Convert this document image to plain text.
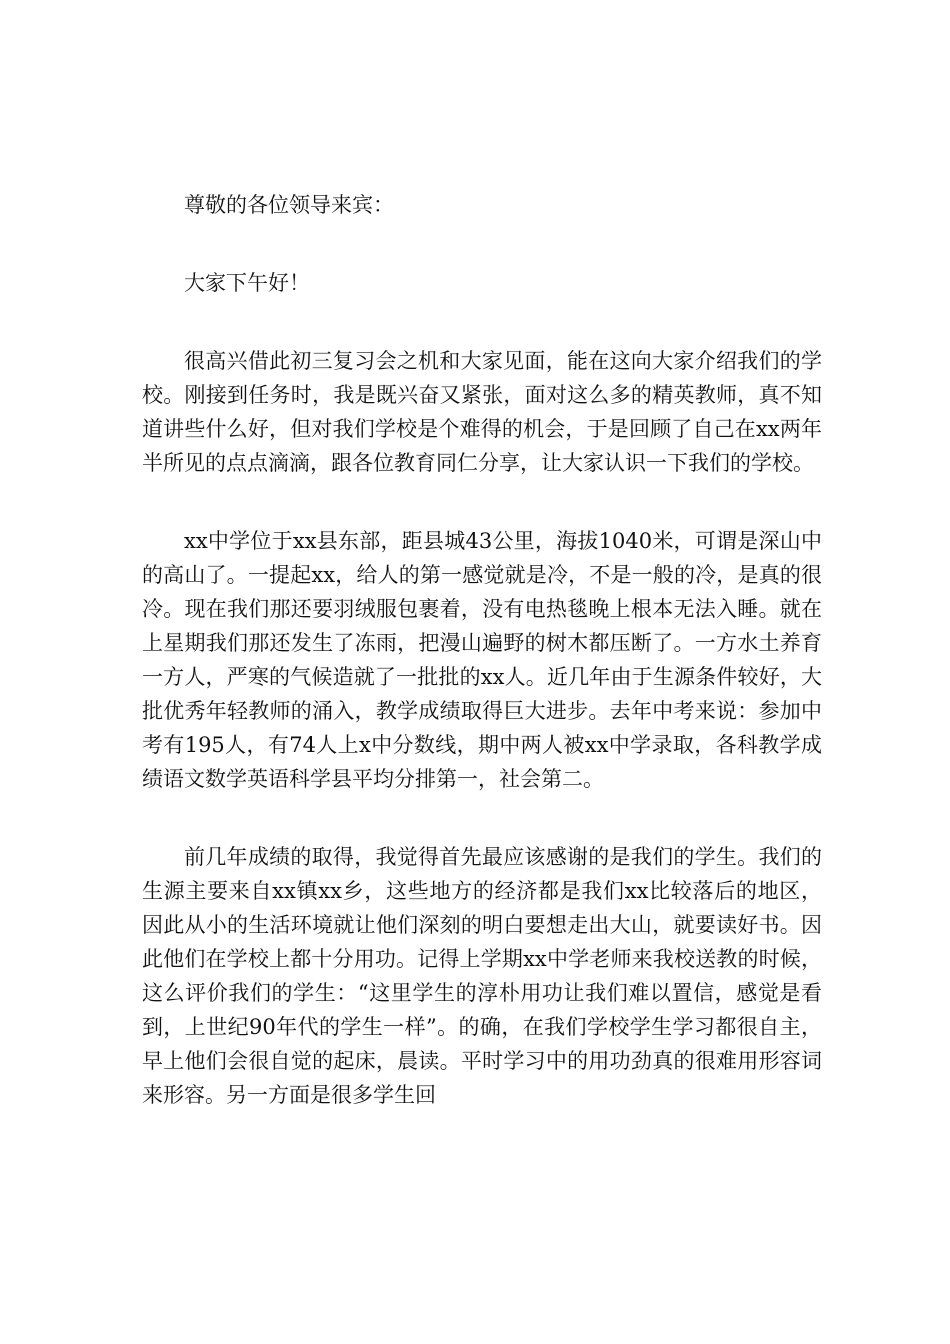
尊敬的各位领导来宾：

大家下午好！

很高兴借此初三复习会之机和大家见面，能在这向大家介绍我们的学校。刚接到任务时，我是既兴奋又紧张，面对这么多的精英教师，真不知道讲些什么好，但对我们学校是个难得的机会，于是回顾了自己在xx两年半所见的点点滴滴，跟各位教育同仁分享，让大家认识一下我们的学校。

xx中学位于xx县东部，距县城43公里，海拔1040米，可谓是深山中的高山了。一提起xx，给人的第一感觉就是冷，不是一般的冷，是真的很冷。现在我们那还要羽绒服包裹着，没有电热毯晚上根本无法入睡。就在上星期我们那还发生了冻雨，把漫山遍野的树木都压断了。一方水土养育一方人，严寒的气候造就了一批批的xx人。近几年由于生源条件较好，大批优秀年轻教师的涌入，教学成绩取得巨大进步。去年中考来说：参加中考有195人，有74人上x中分数线，期中两人被xx中学录取，各科教学成绩语文数学英语科学县平均分排第一，社会第二。

前几年成绩的取得，我觉得首先最应该感谢的是我们的学生。我们的生源主要来自xx镇xx乡，这些地方的经济都是我们xx比较落后的地区，因此从小的生活环境就让他们深刻的明白要想走出大山，就要读好书。因此他们在学校上都十分用功。记得上学期xx中学老师来我校送教的时候，这么评价我们的学生：“这里学生的淳朴用功让我们难以置信，感觉是看到，上世纪90年代的学生一样”。的确，在我们学校学生学习都很自主，早上他们会很自觉的起床，晨读。平时学习中的用功劲真的很难用形容词来形容。另一方面是很多学生回
